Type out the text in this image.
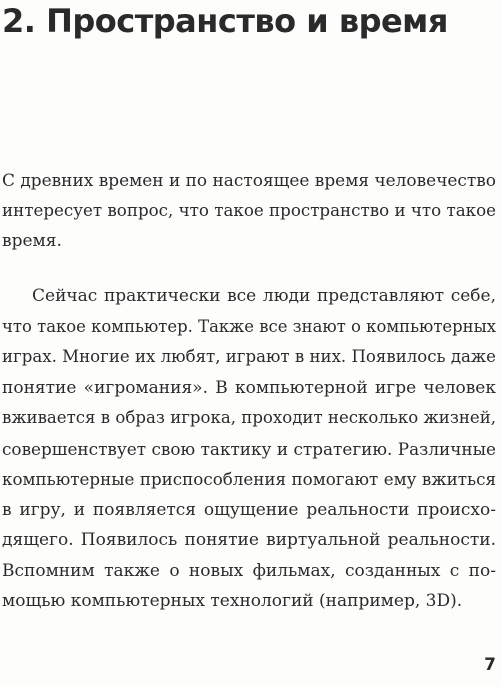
2. Пространство и время
С древних времен и по настоящее время человечество
интересует вопрос, что такое пространство и что такое
время.
Сейчас практически все люди представляют себе,
что такое компьютер. Также все знают о компьютерных
играх. Многие их любят, играют в них. Появилось даже
понятие «игромания». В компьютерной игре человек
вживается в образ игрока, проходит несколько жизней,
совершенствует свою тактику и стратегию. Различные
компьютерные приспособления помогают ему вжиться
в игру, и появляется ощущение реальности происхо-
дящего. Появилось понятие виртуальной реальности.
Вспомним также о новых фильмах, созданных с по-
мощью компьютерных технологий (например, 3D).
7
